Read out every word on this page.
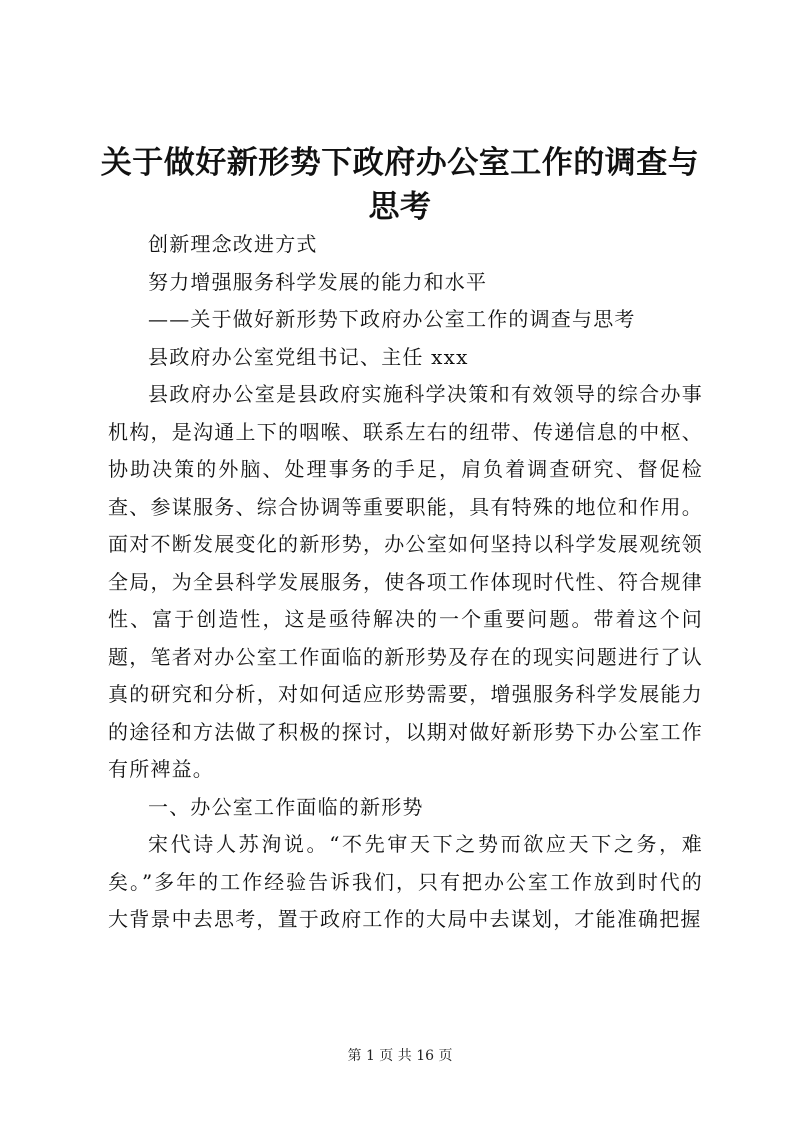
关于做好新形势下政府办公室工作的调查与思考

创新理念改进方式

努力增强服务科学发展的能力和水平

——关于做好新形势下政府办公室工作的调查与思考

县政府办公室党组书记、主任 xxx

县政府办公室是县政府实施科学决策和有效领导的综合办事机构，是沟通上下的咽喉、联系左右的纽带、传递信息的中枢、协助决策的外脑、处理事务的手足，肩负着调查研究、督促检查、参谋服务、综合协调等重要职能，具有特殊的地位和作用。面对不断发展变化的新形势，办公室如何坚持以科学发展观统领全局，为全县科学发展服务，使各项工作体现时代性、符合规律性、富于创造性，这是亟待解决的一个重要问题。带着这个问题，笔者对办公室工作面临的新形势及存在的现实问题进行了认真的研究和分析，对如何适应形势需要，增强服务科学发展能力的途径和方法做了积极的探讨，以期对做好新形势下办公室工作有所裨益。

一、办公室工作面临的新形势

宋代诗人苏洵说。“不先审天下之势而欲应天下之务，难矣。”多年的工作经验告诉我们，只有把办公室工作放到时代的大背景中去思考，置于政府工作的大局中去谋划，才能准确把握

第 1 页 共 16 页
